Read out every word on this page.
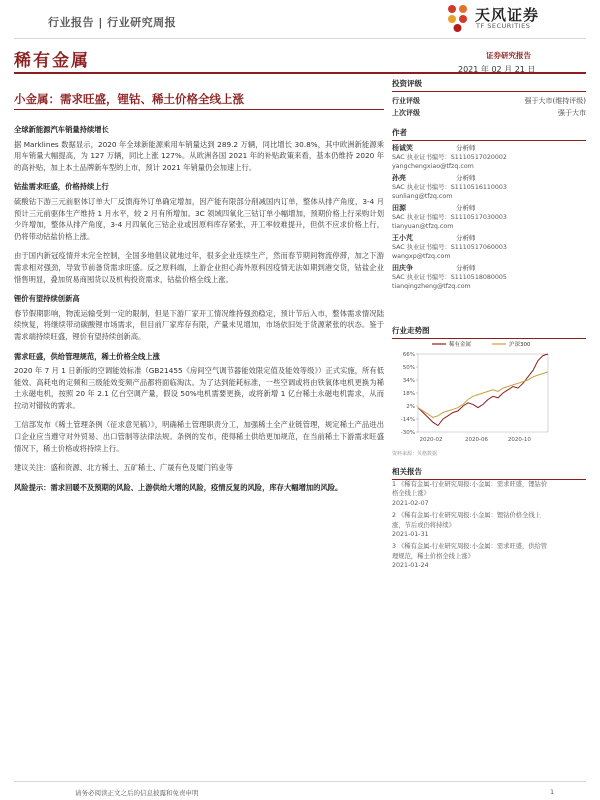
行业报告 | 行业研究周报	天风证券
TF SECURITIES
稀有金属	证券研究报告
2021 年 02 月 21 日
小金属：需求旺盛，锂钴、稀土价格全线上涨
全球新能源汽车销量持续增长
据 Marklines 数据显示，2020 年全球新能源乘用车销量达到 289.2 万辆，同比增长 30.8%，其中欧洲新能源乘用车销量大幅提高，为 127 万辆，同比上涨 127%。从欧洲各国 2021 年的补贴政策来看，基本仍维持 2020 年的高补贴，加上本土品牌新车型的上市，预计 2021 年销量仍会加速上行。
钴盐需求旺盛，价格持续上行
硫酸钴下游三元前驱体订单大厂反馈海外订单确定增加，因产能有限部分削减国内订单，整体从排产角度，3-4 月预计三元前驱体生产维持 1 月水平，较 2 月有所增加。3C 领域四氧化三钴订单小幅增加，预期价格上行采购计划少许增加，整体从排产角度，3-4 月四氧化三钴企业或因原料库存紧张，开工率较难提升，但供不应求价格上行，仍将带动钴盐价格上涨。
由于国内新冠疫情并未完全控制，全国多地倡议就地过年，很多企业连续生产，然而春节期间物流停滞，加之下游需求相对强劲，导致节前备货需求旺盛。反之原料端，上游企业担心海外原料因疫情无法如期到港交货，钴盐企业惜售明显，叠加贸易商囤货以及机构投资需求，钴盐价格全线上涨。
锂价有望持续创新高
春节假期影响，物流运输受到一定的限制，但是下游厂家开工情况维持强劲稳定，预计节后入市，整体需求情况陆续恢复，将继续带动碳酸锂市场需求，但目前厂家库存有限，产量未见增加，市场依旧处于货源紧张的状态。鉴于需求端持续旺盛，锂价有望持续创新高。
需求旺盛，供给管理规范，稀土价格全线上涨
2020 年 7 月 1 日新版的空调能效标准（GB21455《房间空气调节器能效限定值及能效等级》）正式实施，所有低能效、高耗电的定频和三级能效变频产品都将面临淘汰。为了达到能耗标准，一些空调或将由铁氧体电机更换为稀土永磁电机，按照 20 年 2.1 亿台空调产量，假设 50%电机需要更换，或将新增 1 亿台稀土永磁电机需求，从而拉动对镨钕的需求。
工信部发布《稀土管理条例（征求意见稿）》，明确稀土管理职责分工，加强稀土全产业链管理，规定稀土产品进出口企业应当遵守对外贸易、出口管制等法律法规。条例的发布，使得稀土供给更加规范，在当前稀土下游需求旺盛情况下，稀土价格或将持续上行。
建议关注：盛和资源、北方稀土、五矿稀土、广晟有色及厦门钨业等
风险提示：需求回暖不及预期的风险、上游供给大增的风险，疫情反复的风险，库存大幅增加的风险。
投资评级
行业评级	强于大市(维持评级)
上次评级	强于大市
作者
杨诚笑	分析师
SAC 执业证书编号：S1110517020002
yangchengxiao@tfzq.com
孙亮	分析师
SAC 执业证书编号：S1110516110003
sunliang@tfzq.com
田源	分析师
SAC 执业证书编号：S1110517030003
tianyuan@tfzq.com
王小芃	分析师
SAC 执业证书编号：S1110517060003
wangxp@tfzq.com
田庆争	分析师
SAC 执业证书编号：S1110518080005
tianqingzheng@tfzq.com
行业走势图
-30%
-14%
2%
18%
34%
50%
66%
2020-02	2020-06	2020-10
稀有金属	沪深300
资料来源：贝格数据
相关报告
1 《稀有金属-行业研究周报:小金属：需求旺盛，锂钴价格全线上涨》
2021-02-07
2 《稀有金属-行业研究周报:小金属：锂钴价格全线上涨，节后或仍将持续》
2021-01-31
3 《稀有金属-行业研究周报:小金属：需求旺盛，供给管理规范，稀土价格全线上涨》
2021-01-24
请务必阅读正文之后的信息披露和免责申明	1
